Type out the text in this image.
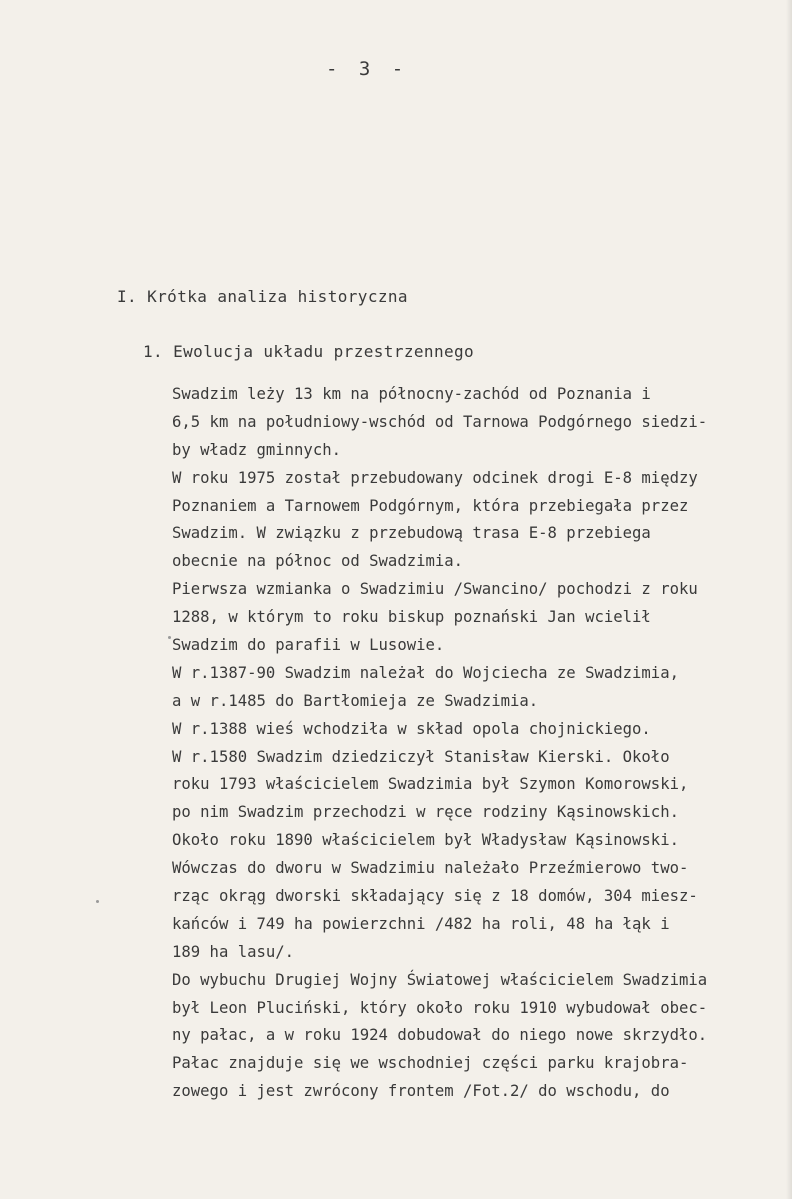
- 3 -
I. Krótka analiza historyczna
1. Ewolucja układu przestrzennego
Swadzim leży 13 km na północny-zachód od Poznania i
6,5 km na południowy-wschód od Tarnowa Podgórnego siedzi-
by władz gminnych.
W roku 1975 został przebudowany odcinek drogi E-8 między
Poznaniem a Tarnowem Podgórnym, która przebiegała przez
Swadzim. W związku z przebudową trasa E-8 przebiega
obecnie na północ od Swadzimia.
Pierwsza wzmianka o Swadzimiu /Swancino/ pochodzi z roku
1288, w którym to roku biskup poznański Jan wcielił
Swadzim do parafii w Lusowie.
W r.1387-90 Swadzim należał do Wojciecha ze Swadzimia,
a w r.1485 do Bartłomieja ze Swadzimia.
W r.1388 wieś wchodziła w skład opola chojnickiego.
W r.1580 Swadzim dziedziczył Stanisław Kierski. Około
roku 1793 właścicielem Swadzimia był Szymon Komorowski,
po nim Swadzim przechodzi w ręce rodziny Kąsinowskich.
Około roku 1890 właścicielem był Władysław Kąsinowski.
Wówczas do dworu w Swadzimiu należało Przeźmierowo two-
rząc okrąg dworski składający się z 18 domów, 304 miesz-
kańców i 749 ha powierzchni /482 ha roli, 48 ha łąk i
189 ha lasu/.
Do wybuchu Drugiej Wojny Światowej właścicielem Swadzimia
był Leon Pluciński, który około roku 1910 wybudował obec-
ny pałac, a w roku 1924 dobudował do niego nowe skrzydło.
Pałac znajduje się we wschodniej części parku krajobra-
zowego i jest zwrócony frontem /Fot.2/ do wschodu, do
